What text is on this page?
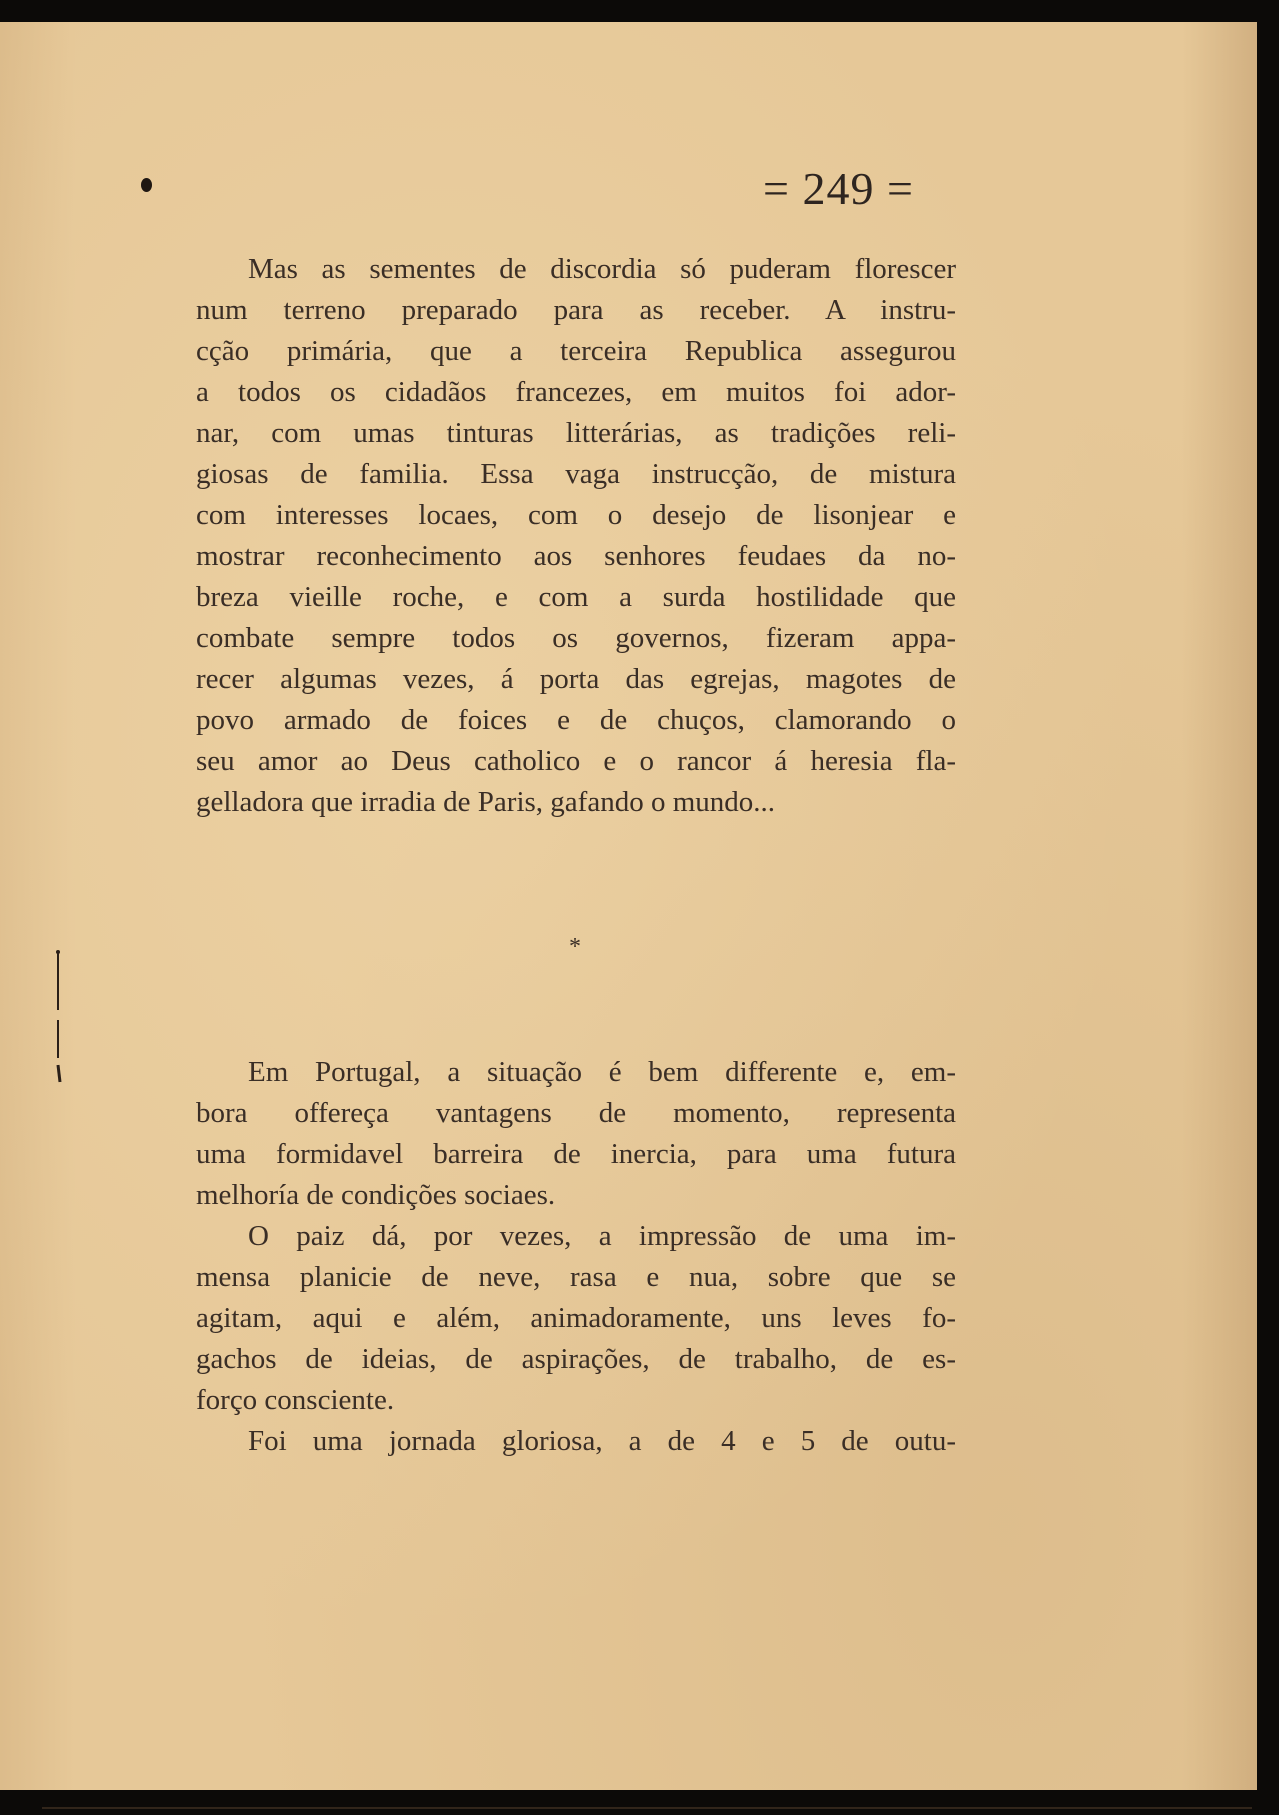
= 249 =
Mas as sementes de discordia só puderam florescer
num terreno preparado para as receber. A instru-
cção primária, que a terceira Republica assegurou
a todos os cidadãos francezes, em muitos foi ador-
nar, com umas tinturas litterárias, as tradições reli-
giosas de familia. Essa vaga instrucção, de mistura
com interesses locaes, com o desejo de lisonjear e
mostrar reconhecimento aos senhores feudaes da no-
breza vieille roche, e com a surda hostilidade que
combate sempre todos os governos, fizeram appa-
recer algumas vezes, á porta das egrejas, magotes de
povo armado de foices e de chuços, clamorando o
seu amor ao Deus catholico e o rancor á heresia fla-
gelladora que irradia de Paris, gafando o mundo...
*
Em Portugal, a situação é bem differente e, em-
bora offereça vantagens de momento, representa
uma formidavel barreira de inercia, para uma futura
melhoría de condições sociaes.
O paiz dá, por vezes, a impressão de uma im-
mensa planicie de neve, rasa e nua, sobre que se
agitam, aqui e além, animadoramente, uns leves fo-
gachos de ideias, de aspirações, de trabalho, de es-
forço consciente.
Foi uma jornada gloriosa, a de 4 e 5 de outu-
